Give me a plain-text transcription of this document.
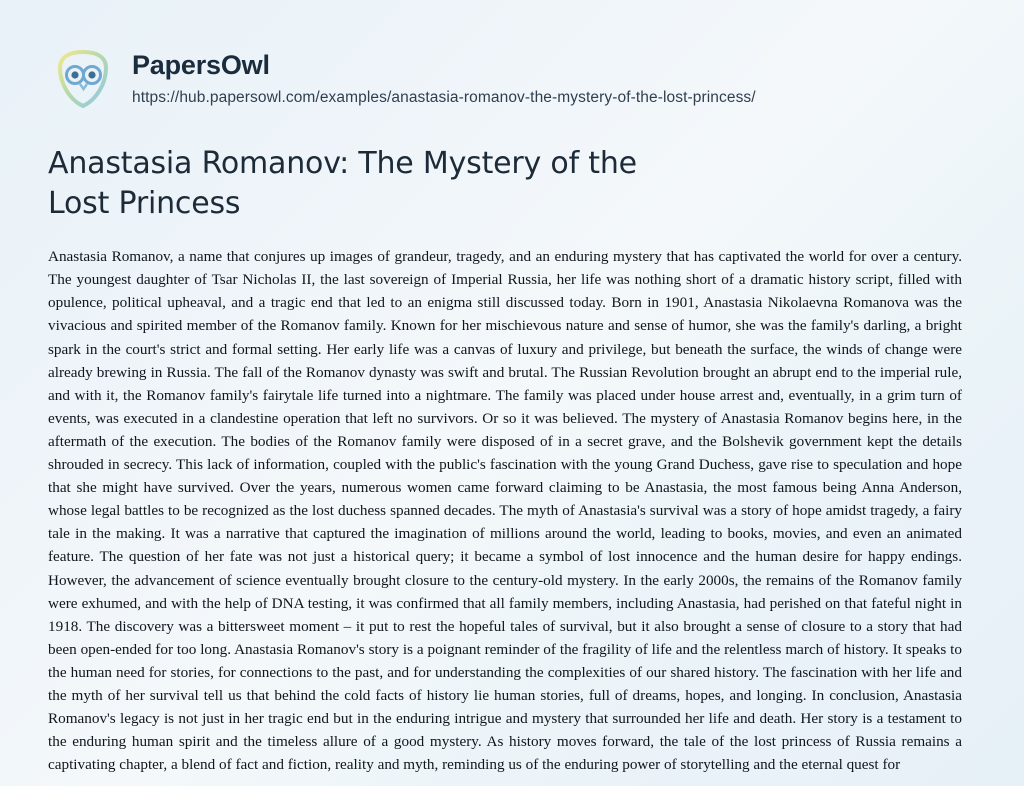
PapersOwl
https://hub.papersowl.com/examples/anastasia-romanov-the-mystery-of-the-lost-princess/
Anastasia Romanov: The Mystery of the Lost Princess

Anastasia Romanov, a name that conjures up images of grandeur, tragedy, and an enduring mystery that has captivated the world for over a century. The youngest daughter of Tsar Nicholas II, the last sovereign of Imperial Russia, her life was nothing short of a dramatic history script, filled with opulence, political upheaval, and a tragic end that led to an enigma still discussed today. Born in 1901, Anastasia Nikolaevna Romanova was the vivacious and spirited member of the Romanov family. Known for her mischievous nature and sense of humor, she was the family's darling, a bright spark in the court's strict and formal setting. Her early life was a canvas of luxury and privilege, but beneath the surface, the winds of change were already brewing in Russia. The fall of the Romanov dynasty was swift and brutal. The Russian Revolution brought an abrupt end to the imperial rule, and with it, the Romanov family's fairytale life turned into a nightmare. The family was placed under house arrest and, eventually, in a grim turn of events, was executed in a clandestine operation that left no survivors. Or so it was believed. The mystery of Anastasia Romanov begins here, in the aftermath of the execution. The bodies of the Romanov family were disposed of in a secret grave, and the Bolshevik government kept the details shrouded in secrecy. This lack of information, coupled with the public's fascination with the young Grand Duchess, gave rise to speculation and hope that she might have survived. Over the years, numerous women came forward claiming to be Anastasia, the most famous being Anna Anderson, whose legal battles to be recognized as the lost duchess spanned decades. The myth of Anastasia's survival was a story of hope amidst tragedy, a fairy tale in the making. It was a narrative that captured the imagination of millions around the world, leading to books, movies, and even an animated feature. The question of her fate was not just a historical query; it became a symbol of lost innocence and the human desire for happy endings. However, the advancement of science eventually brought closure to the century-old mystery. In the early 2000s, the remains of the Romanov family were exhumed, and with the help of DNA testing, it was confirmed that all family members, including Anastasia, had perished on that fateful night in 1918. The discovery was a bittersweet moment – it put to rest the hopeful tales of survival, but it also brought a sense of closure to a story that had been open-ended for too long. Anastasia Romanov's story is a poignant reminder of the fragility of life and the relentless march of history. It speaks to the human need for stories, for connections to the past, and for understanding the complexities of our shared history. The fascination with her life and the myth of her survival tell us that behind the cold facts of history lie human stories, full of dreams, hopes, and longing. In conclusion, Anastasia Romanov's legacy is not just in her tragic end but in the enduring intrigue and mystery that surrounded her life and death. Her story is a testament to the enduring human spirit and the timeless allure of a good mystery. As history moves forward, the tale of the lost princess of Russia remains a captivating chapter, a blend of fact and fiction, reality and myth, reminding us of the enduring power of storytelling and the eternal quest for
